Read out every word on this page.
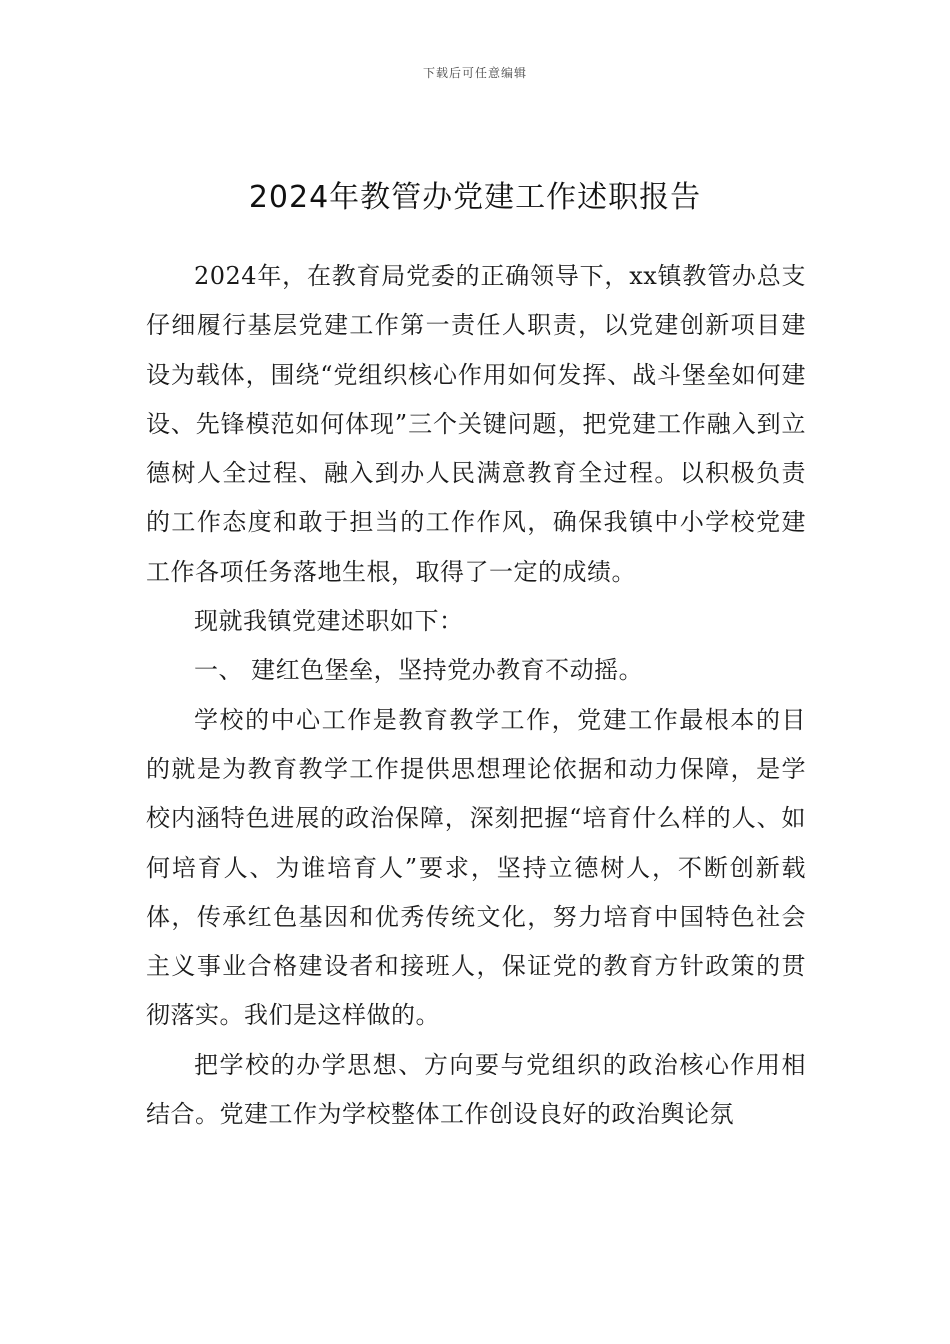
下载后可任意编辑
2024年教管办党建工作述职报告

2024年，在教育局党委的正确领导下，xx镇教管办总支仔细履行基层党建工作第一责任人职责，以党建创新项目建设为载体，围绕“党组织核心作用如何发挥、战斗堡垒如何建设、先锋模范如何体现”三个关键问题，把党建工作融入到立德树人全过程、融入到办人民满意教育全过程。以积极负责的工作态度和敢于担当的工作作风，确保我镇中小学校党建工作各项任务落地生根，取得了一定的成绩。

现就我镇党建述职如下：

一、 建红色堡垒，坚持党办教育不动摇。

学校的中心工作是教育教学工作，党建工作最根本的目的就是为教育教学工作提供思想理论依据和动力保障，是学校内涵特色进展的政治保障，深刻把握“培育什么样的人、如何培育人、为谁培育人”要求，坚持立德树人，不断创新载体，传承红色基因和优秀传统文化，努力培育中国特色社会主义事业合格建设者和接班人，保证党的教育方针政策的贯彻落实。我们是这样做的。

把学校的办学思想、方向要与党组织的政治核心作用相结合。党建工作为学校整体工作创设良好的政治舆论氛
